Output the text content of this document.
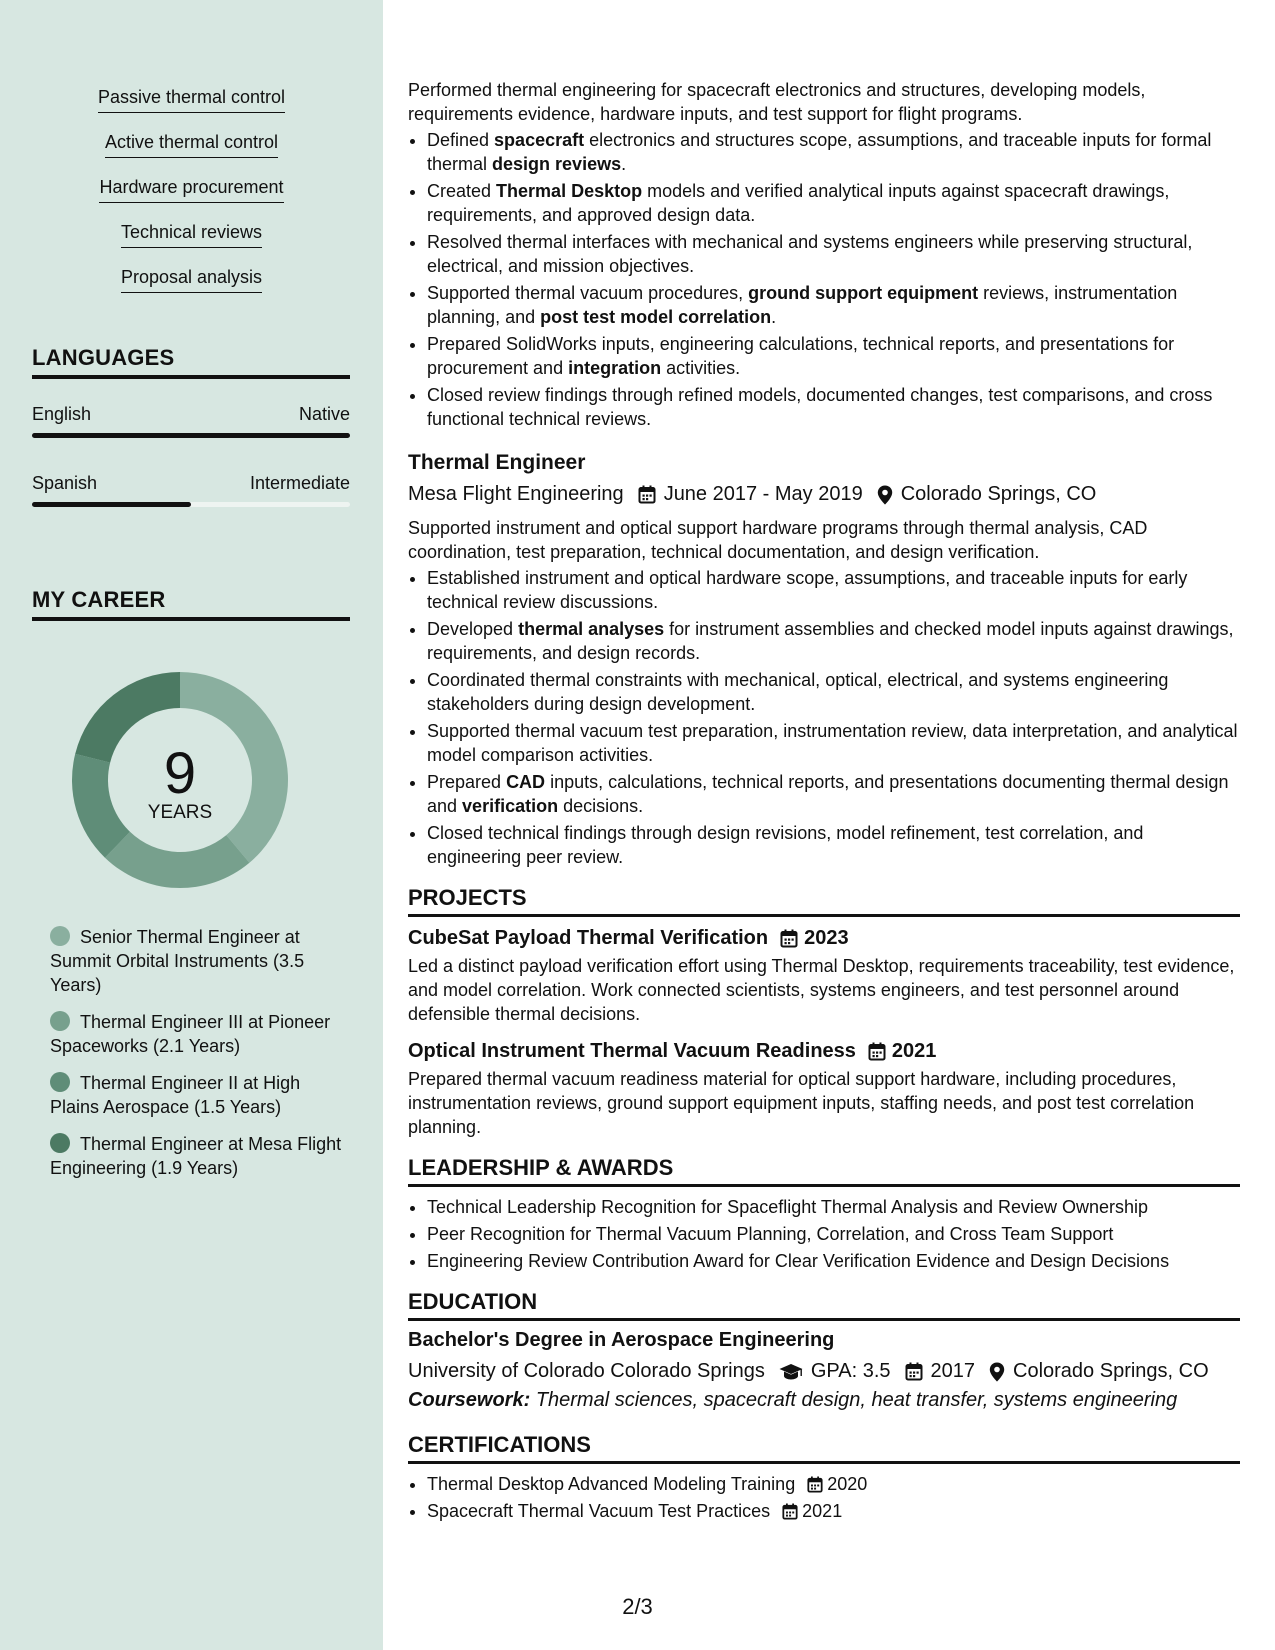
Passive thermal control
Active thermal control
Hardware procurement
Technical reviews
Proposal analysis
LANGUAGES
English	Native
Spanish	Intermediate
MY CAREER
9
YEARS
Senior Thermal Engineer at Summit Orbital Instruments (3.5 Years)
Thermal Engineer III at Pioneer Spaceworks (2.1 Years)
Thermal Engineer II at High Plains Aerospace (1.5 Years)
Thermal Engineer at Mesa Flight Engineering (1.9 Years)

Performed thermal engineering for spacecraft electronics and structures, developing models, requirements evidence, hardware inputs, and test support for flight programs.

• Defined spacecraft electronics and structures scope, assumptions, and traceable inputs for formal thermal design reviews.
• Created Thermal Desktop models and verified analytical inputs against spacecraft drawings, requirements, and approved design data.
• Resolved thermal interfaces with mechanical and systems engineers while preserving structural, electrical, and mission objectives.
• Supported thermal vacuum procedures, ground support equipment reviews, instrumentation planning, and post test model correlation.
• Prepared SolidWorks inputs, engineering calculations, technical reports, and presentations for procurement and integration activities.
• Closed review findings through refined models, documented changes, test comparisons, and cross functional technical reviews.
Thermal Engineer
Mesa Flight Engineering June 2017 - May 2019 Colorado Springs, CO

Supported instrument and optical support hardware programs through thermal analysis, CAD coordination, test preparation, technical documentation, and design verification.

• Established instrument and optical hardware scope, assumptions, and traceable inputs for early technical review discussions.
• Developed thermal analyses for instrument assemblies and checked model inputs against drawings, requirements, and design records.
• Coordinated thermal constraints with mechanical, optical, electrical, and systems engineering stakeholders during design development.
• Supported thermal vacuum test preparation, instrumentation review, data interpretation, and analytical model comparison activities.
• Prepared CAD inputs, calculations, technical reports, and presentations documenting thermal design and verification decisions.
• Closed technical findings through design revisions, model refinement, test correlation, and engineering peer review.
PROJECTS
CubeSat Payload Thermal Verification 2023

Led a distinct payload verification effort using Thermal Desktop, requirements traceability, test evidence, and model correlation. Work connected scientists, systems engineers, and test personnel around defensible thermal decisions.

Optical Instrument Thermal Vacuum Readiness 2021

Prepared thermal vacuum readiness material for optical support hardware, including procedures, instrumentation reviews, ground support equipment inputs, staffing needs, and post test correlation planning.

LEADERSHIP & AWARDS
• Technical Leadership Recognition for Spaceflight Thermal Analysis and Review Ownership
• Peer Recognition for Thermal Vacuum Planning, Correlation, and Cross Team Support
• Engineering Review Contribution Award for Clear Verification Evidence and Design Decisions
EDUCATION
Bachelor's Degree in Aerospace Engineering
University of Colorado Colorado Springs GPA: 3.5 2017 Colorado Springs, CO
Coursework: Thermal sciences, spacecraft design, heat transfer, systems engineering
CERTIFICATIONS
• Thermal Desktop Advanced Modeling Training 2020
• Spacecraft Thermal Vacuum Test Practices 2021
2/3
